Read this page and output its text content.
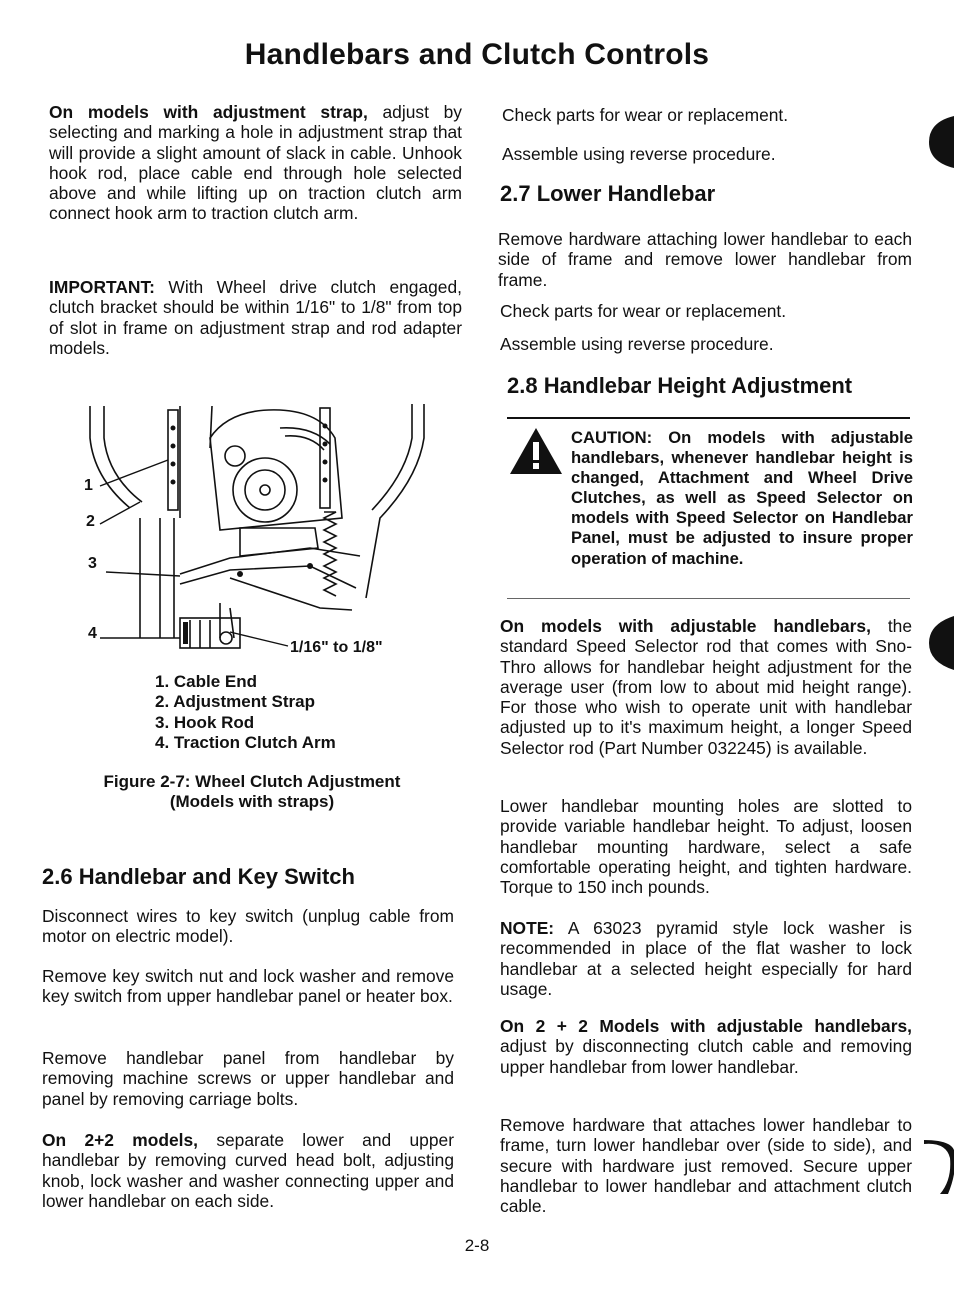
Handlebars and Clutch Controls

On models with adjustment strap, adjust by selecting and marking a hole in adjustment strap that will provide a slight amount of slack in cable. Unhook hook rod, place cable end through hole selected above and while lifting up on traction clutch arm connect hook arm to traction clutch arm.

IMPORTANT: With Wheel drive clutch engaged, clutch bracket should be within 1/16" to 1/8" from top of slot in frame on adjustment strap and rod adapter models.

1
2
3
4
1/16" to 1/8"
1. Cable End
2. Adjustment Strap
3. Hook Rod
4. Traction Clutch Arm
Figure 2-7: Wheel Clutch Adjustment
(Models with straps)
2.6 Handlebar and Key Switch

Disconnect wires to key switch (unplug cable from motor on electric model).

Remove key switch nut and lock washer and remove key switch from upper handlebar panel or heater box.

Remove handlebar panel from handlebar by removing machine screws or upper handlebar and panel by removing carriage bolts.

On 2+2 models, separate lower and upper handlebar by removing curved head bolt, adjusting knob, lock washer and washer connecting upper and lower handlebar on each side.

Check parts for wear or replacement.

Assemble using reverse procedure.

2.7 Lower Handlebar

Remove hardware attaching lower handlebar to each side of frame and remove lower handlebar from frame.

Check parts for wear or replacement.

Assemble using reverse procedure.

2.8 Handlebar Height Adjustment
CAUTION: On models with adjustable handlebars, whenever handlebar height is changed, Attachment and Wheel Drive Clutches, as well as Speed Selector on models with Speed Selector on Handlebar Panel, must be adjusted to insure proper operation of machine.

On models with adjustable handlebars, the standard Speed Selector rod that comes with Sno-Thro allows for handlebar height adjustment for the average user (from low to about mid height range). For those who wish to operate unit with handlebar adjusted up to it's maximum height, a longer Speed Selector rod (Part Number 032245) is available.

Lower handlebar mounting holes are slotted to provide variable handlebar height. To adjust, loosen handlebar mounting hardware, select a safe comfortable operating height, and tighten hardware. Torque to 150 inch pounds.

NOTE: A 63023 pyramid style lock washer is recommended in place of the flat washer to lock handlebar at a selected height especially for hard usage.

On 2 + 2 Models with adjustable handlebars, adjust by disconnecting clutch cable and removing upper handlebar from lower handlebar.

Remove hardware that attaches lower handlebar to frame, turn lower handlebar over (side to side), and secure with hardware just removed. Secure upper handlebar to lower handlebar and attachment clutch cable.

2-8
